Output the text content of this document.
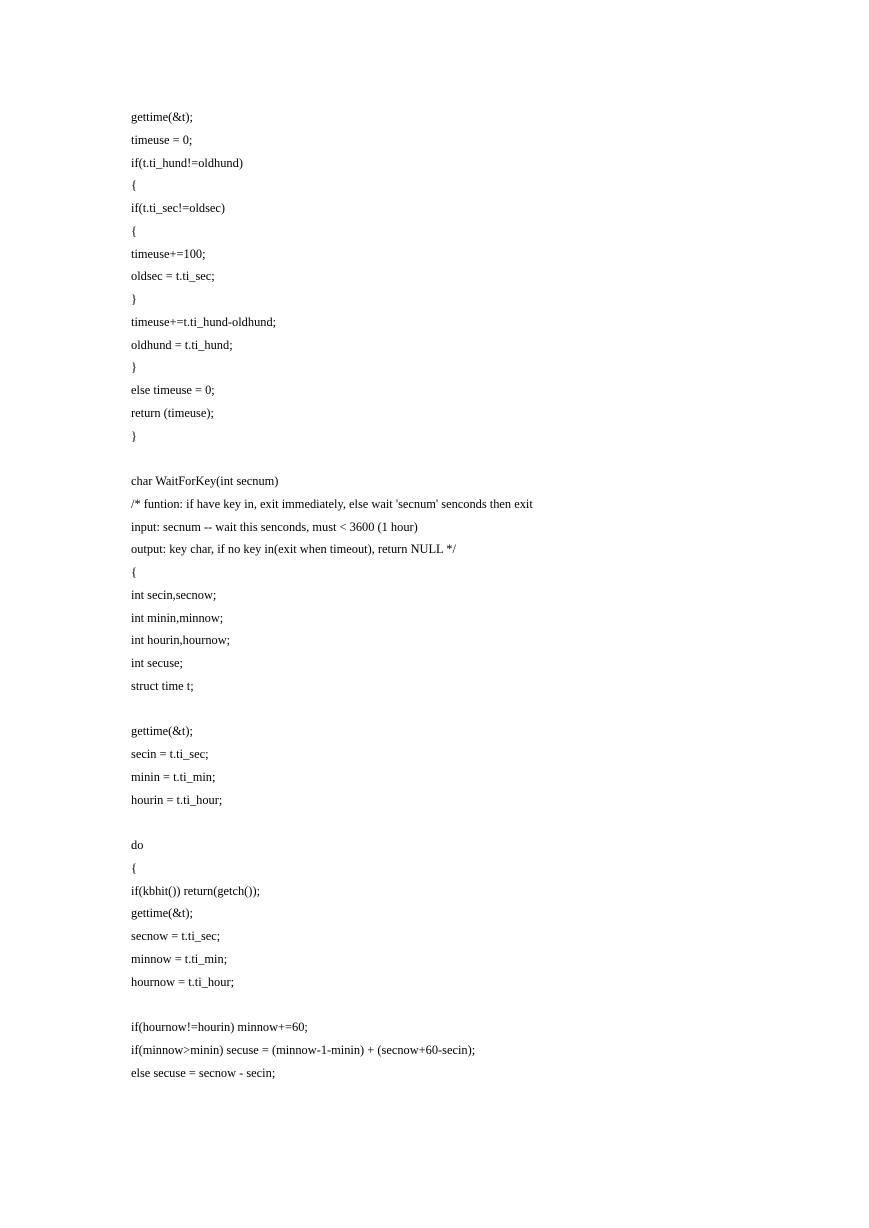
gettime(&t);
timeuse = 0;
if(t.ti_hund!=oldhund)
{
if(t.ti_sec!=oldsec)
{
timeuse+=100;
oldsec = t.ti_sec;
}
timeuse+=t.ti_hund-oldhund;
oldhund = t.ti_hund;
}
else timeuse = 0;
return (timeuse);
}
char WaitForKey(int secnum)
/* funtion: if have key in, exit immediately, else wait 'secnum' senconds then exit
input: secnum -- wait this senconds, must < 3600 (1 hour)
output: key char, if no key in(exit when timeout), return NULL */
{
int secin,secnow;
int minin,minnow;
int hourin,hournow;
int secuse;
struct time t;
gettime(&t);
secin = t.ti_sec;
minin = t.ti_min;
hourin = t.ti_hour;
do
{
if(kbhit()) return(getch());
gettime(&t);
secnow = t.ti_sec;
minnow = t.ti_min;
hournow = t.ti_hour;
if(hournow!=hourin) minnow+=60;
if(minnow>minin) secuse = (minnow-1-minin) + (secnow+60-secin);
else secuse = secnow - secin;
